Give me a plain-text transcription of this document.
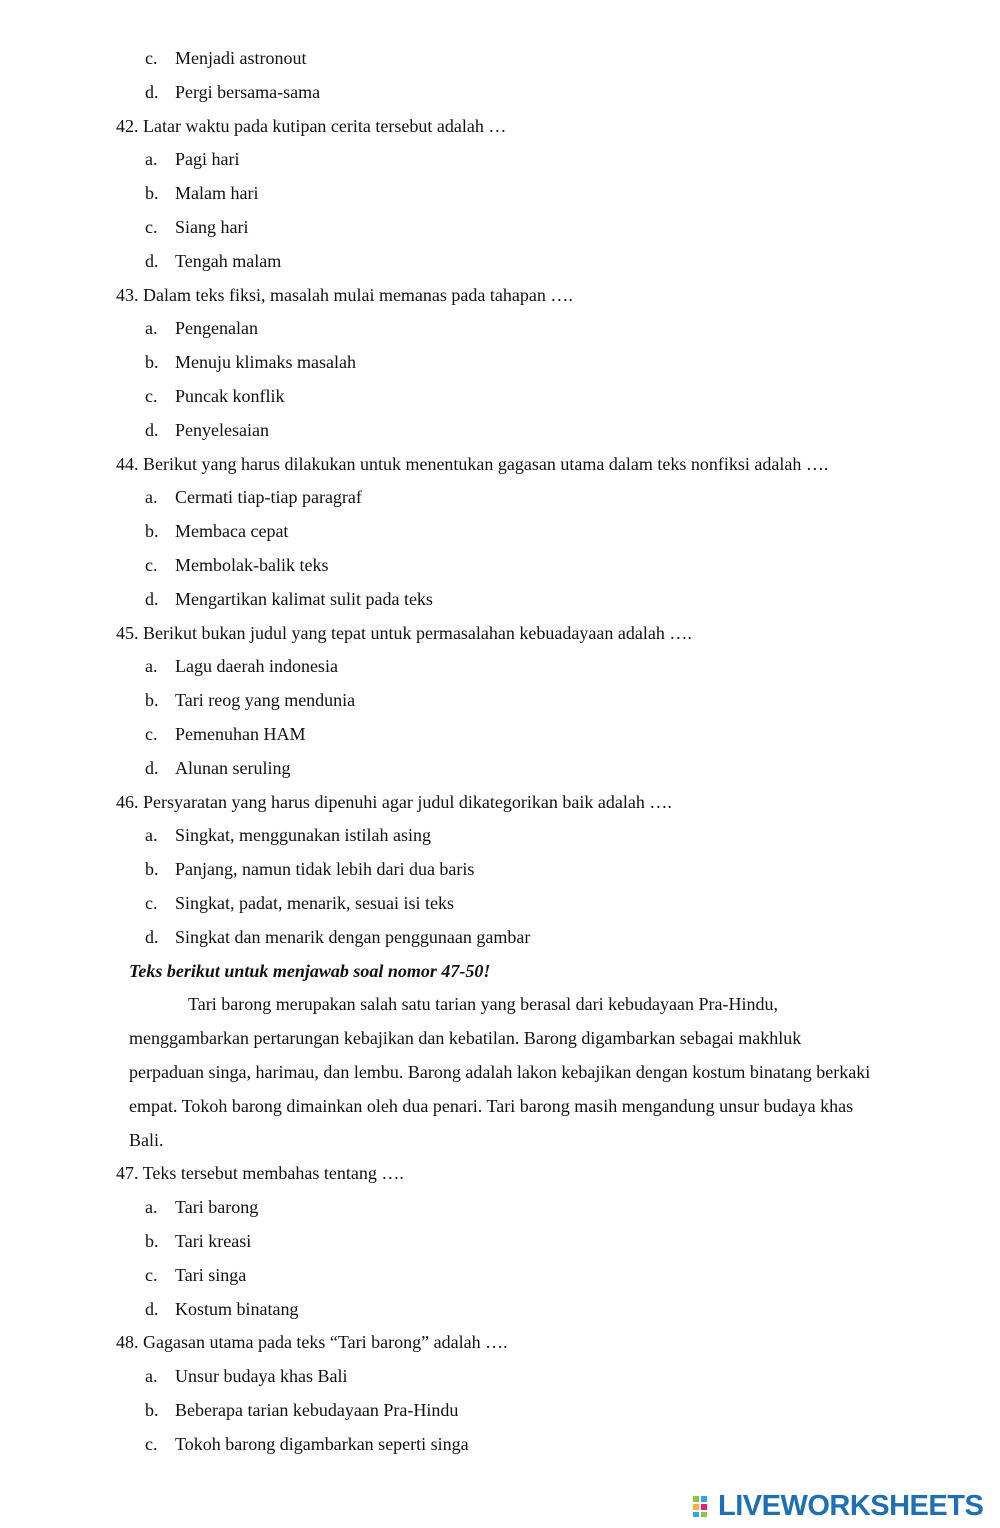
c. Menjadi astronout
d. Pergi bersama-sama
42. Latar waktu pada kutipan cerita tersebut adalah …
a. Pagi hari
b. Malam hari
c. Siang hari
d. Tengah malam
43. Dalam teks fiksi, masalah mulai memanas pada tahapan ….
a. Pengenalan
b. Menuju klimaks masalah
c. Puncak konflik
d. Penyelesaian
44. Berikut yang harus dilakukan untuk menentukan gagasan utama dalam teks nonfiksi adalah ….
a. Cermati tiap-tiap paragraf
b. Membaca cepat
c. Membolak-balik teks
d. Mengartikan kalimat sulit pada teks
45. Berikut bukan judul yang tepat untuk permasalahan kebuadayaan adalah ….
a. Lagu daerah indonesia
b. Tari reog yang mendunia
c. Pemenuhan HAM
d. Alunan seruling
46. Persyaratan yang harus dipenuhi agar judul dikategorikan baik adalah ….
a. Singkat, menggunakan istilah asing
b. Panjang, namun tidak lebih dari dua baris
c. Singkat, padat, menarik, sesuai isi teks
d. Singkat dan menarik dengan penggunaan gambar
Teks berikut untuk menjawab soal nomor 47-50!
Tari barong merupakan salah satu tarian yang berasal dari kebudayaan Pra-Hindu,
menggambarkan pertarungan kebajikan dan kebatilan. Barong digambarkan sebagai makhluk
perpaduan singa, harimau, dan lembu. Barong adalah lakon kebajikan dengan kostum binatang berkaki
empat. Tokoh barong dimainkan oleh dua penari. Tari barong masih mengandung unsur budaya khas
Bali.
47. Teks tersebut membahas tentang ….
a. Tari barong
b. Tari kreasi
c. Tari singa
d. Kostum binatang
48. Gagasan utama pada teks “Tari barong” adalah ….
a. Unsur budaya khas Bali
b. Beberapa tarian kebudayaan Pra-Hindu
c. Tokoh barong digambarkan seperti singa
LIVEWORKSHEETS
